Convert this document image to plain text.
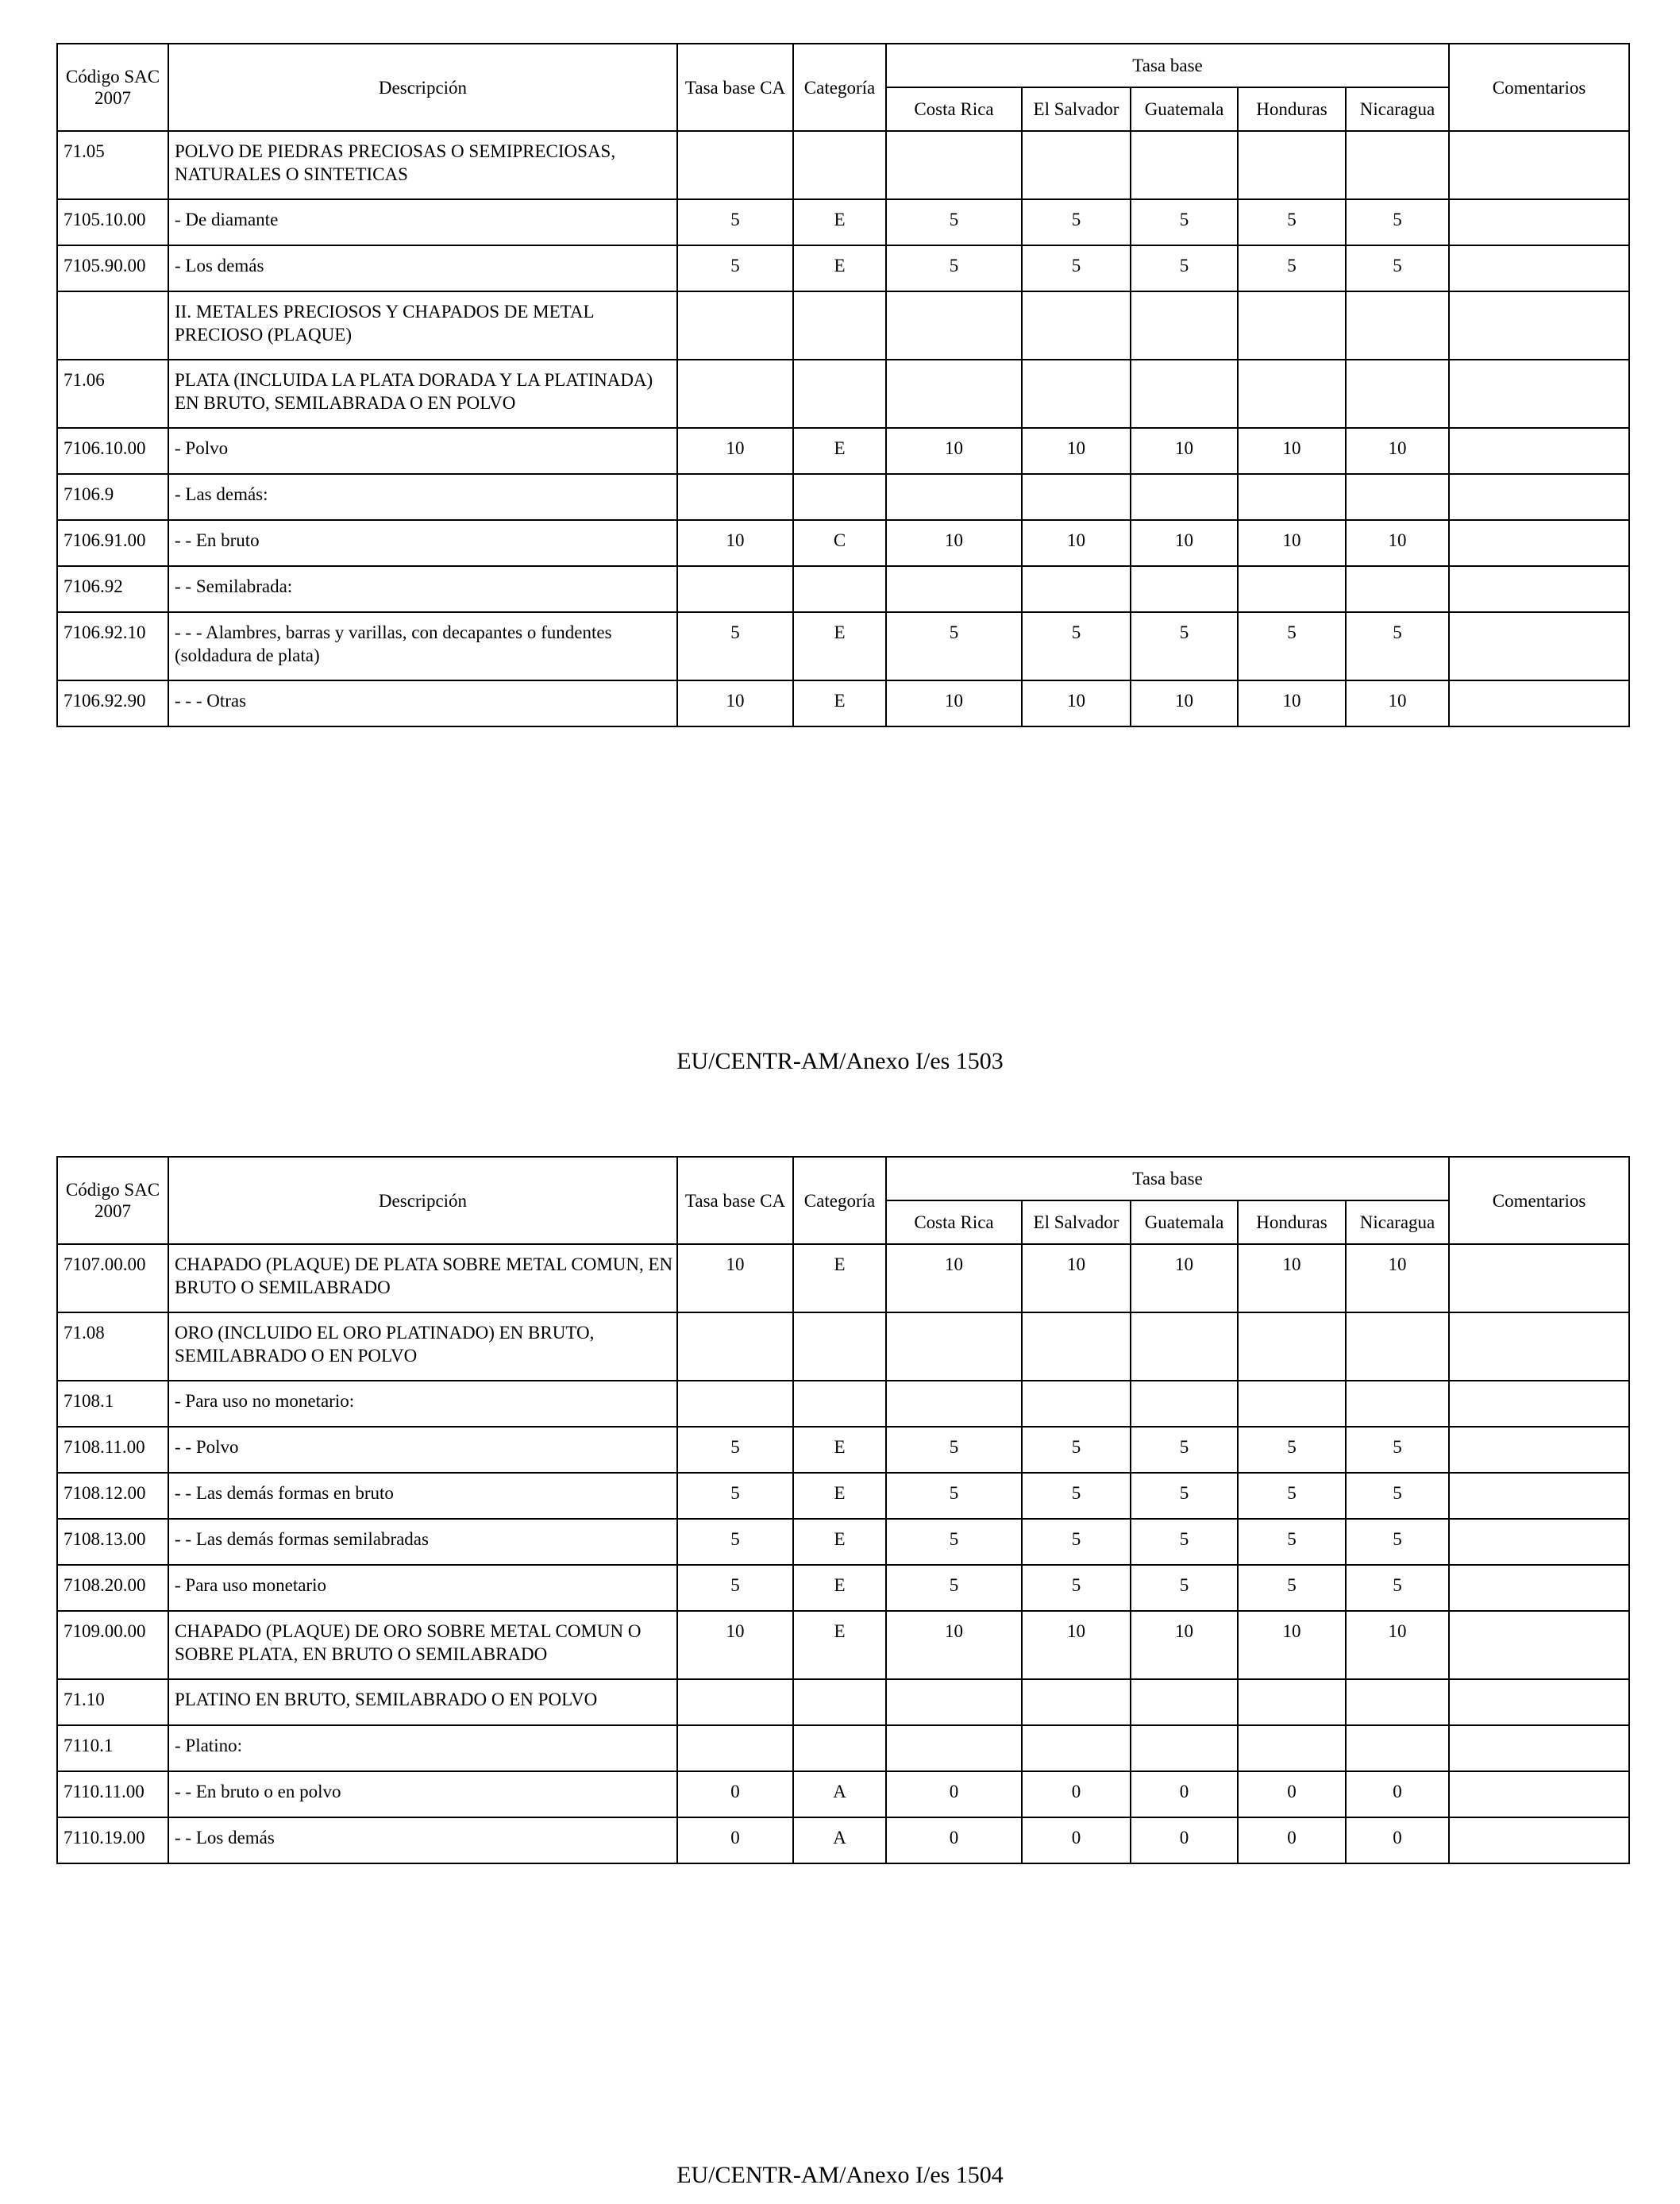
Código SAC 2007	Descripción	Tasa base CA	Categoría	Tasa base					Comentarios
				Costa Rica	El Salvador	Guatemala	Honduras	Nicaragua	
71.05	POLVO DE PIEDRAS PRECIOSAS O SEMIPRECIOSAS, NATURALES O SINTETICAS								
7105.10.00	- De diamante	5	E	5	5	5	5	5	
7105.90.00	- Los demás	5	E	5	5	5	5	5	
	II. METALES PRECIOSOS Y CHAPADOS DE METAL PRECIOSO (PLAQUE)								
71.06	PLATA (INCLUIDA LA PLATA DORADA Y LA PLATINADA) EN BRUTO, SEMILABRADA O EN POLVO								
7106.10.00	- Polvo	10	E	10	10	10	10	10	
7106.9	- Las demás:								
7106.91.00	- - En bruto	10	C	10	10	10	10	10	
7106.92	- - Semilabrada:								
7106.92.10	- - - Alambres, barras y varillas, con decapantes o fundentes (soldadura de plata)	5	E	5	5	5	5	5	
7106.92.90	- - - Otras	10	E	10	10	10	10	10	
EU/CENTR-AM/Anexo I/es 1503
Código SAC 2007	Descripción	Tasa base CA	Categoría	Tasa base					Comentarios
				Costa Rica	El Salvador	Guatemala	Honduras	Nicaragua	
7107.00.00	CHAPADO (PLAQUE) DE PLATA SOBRE METAL COMUN, EN BRUTO O SEMILABRADO	10	E	10	10	10	10	10	
71.08	ORO (INCLUIDO EL ORO PLATINADO) EN BRUTO, SEMILABRADO O EN POLVO								
7108.1	- Para uso no monetario:								
7108.11.00	- - Polvo	5	E	5	5	5	5	5	
7108.12.00	- - Las demás formas en bruto	5	E	5	5	5	5	5	
7108.13.00	- - Las demás formas semilabradas	5	E	5	5	5	5	5	
7108.20.00	- Para uso monetario	5	E	5	5	5	5	5	
7109.00.00	CHAPADO (PLAQUE) DE ORO SOBRE METAL COMUN O SOBRE PLATA, EN BRUTO O SEMILABRADO	10	E	10	10	10	10	10	
71.10	PLATINO EN BRUTO, SEMILABRADO O EN POLVO								
7110.1	- Platino:								
7110.11.00	- - En bruto o en polvo	0	A	0	0	0	0	0	
7110.19.00	- - Los demás	0	A	0	0	0	0	0	
EU/CENTR-AM/Anexo I/es 1504
